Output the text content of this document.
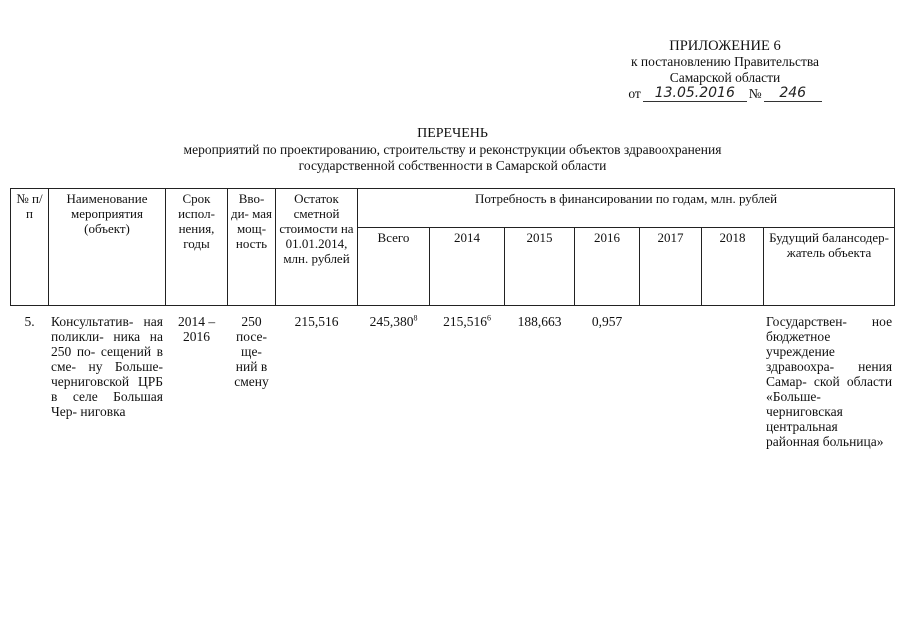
ПРИЛОЖЕНИЕ 6
к постановлению Правительства
Самарской области
от 13.05.2016	№	246
ПЕРЕЧЕНЬ
мероприятий по проектированию, строительству и реконструкции объектов здравоохранения
государственной собственности в Самарской области
№ п/п	Наименование мероприятия (объект)	Срок испол- нения, годы	Вво- ди- мая мощ- ность	Остаток сметной стоимости на 01.01.2014, млн. рублей	Потребность в финансировании по годам, млн. рублей						
					Всего	2014	2015	2016	2017	2018	Будущий балансодер- жатель объекта
5.	Консультатив- ная поликли- ника на 250 по- сещений в сме- ну Больше- черниговской ЦРБ в селе Большая Чер- ниговка	2014 – 2016	250 посе- ще- ний в смену	215,516	245,380$^8$	215,516$^6$	188,663	0,957			Государствен- ное бюджетное учреждение здравоохра- нения Самар- ской области «Больше- черниговская центральная районная больница»
